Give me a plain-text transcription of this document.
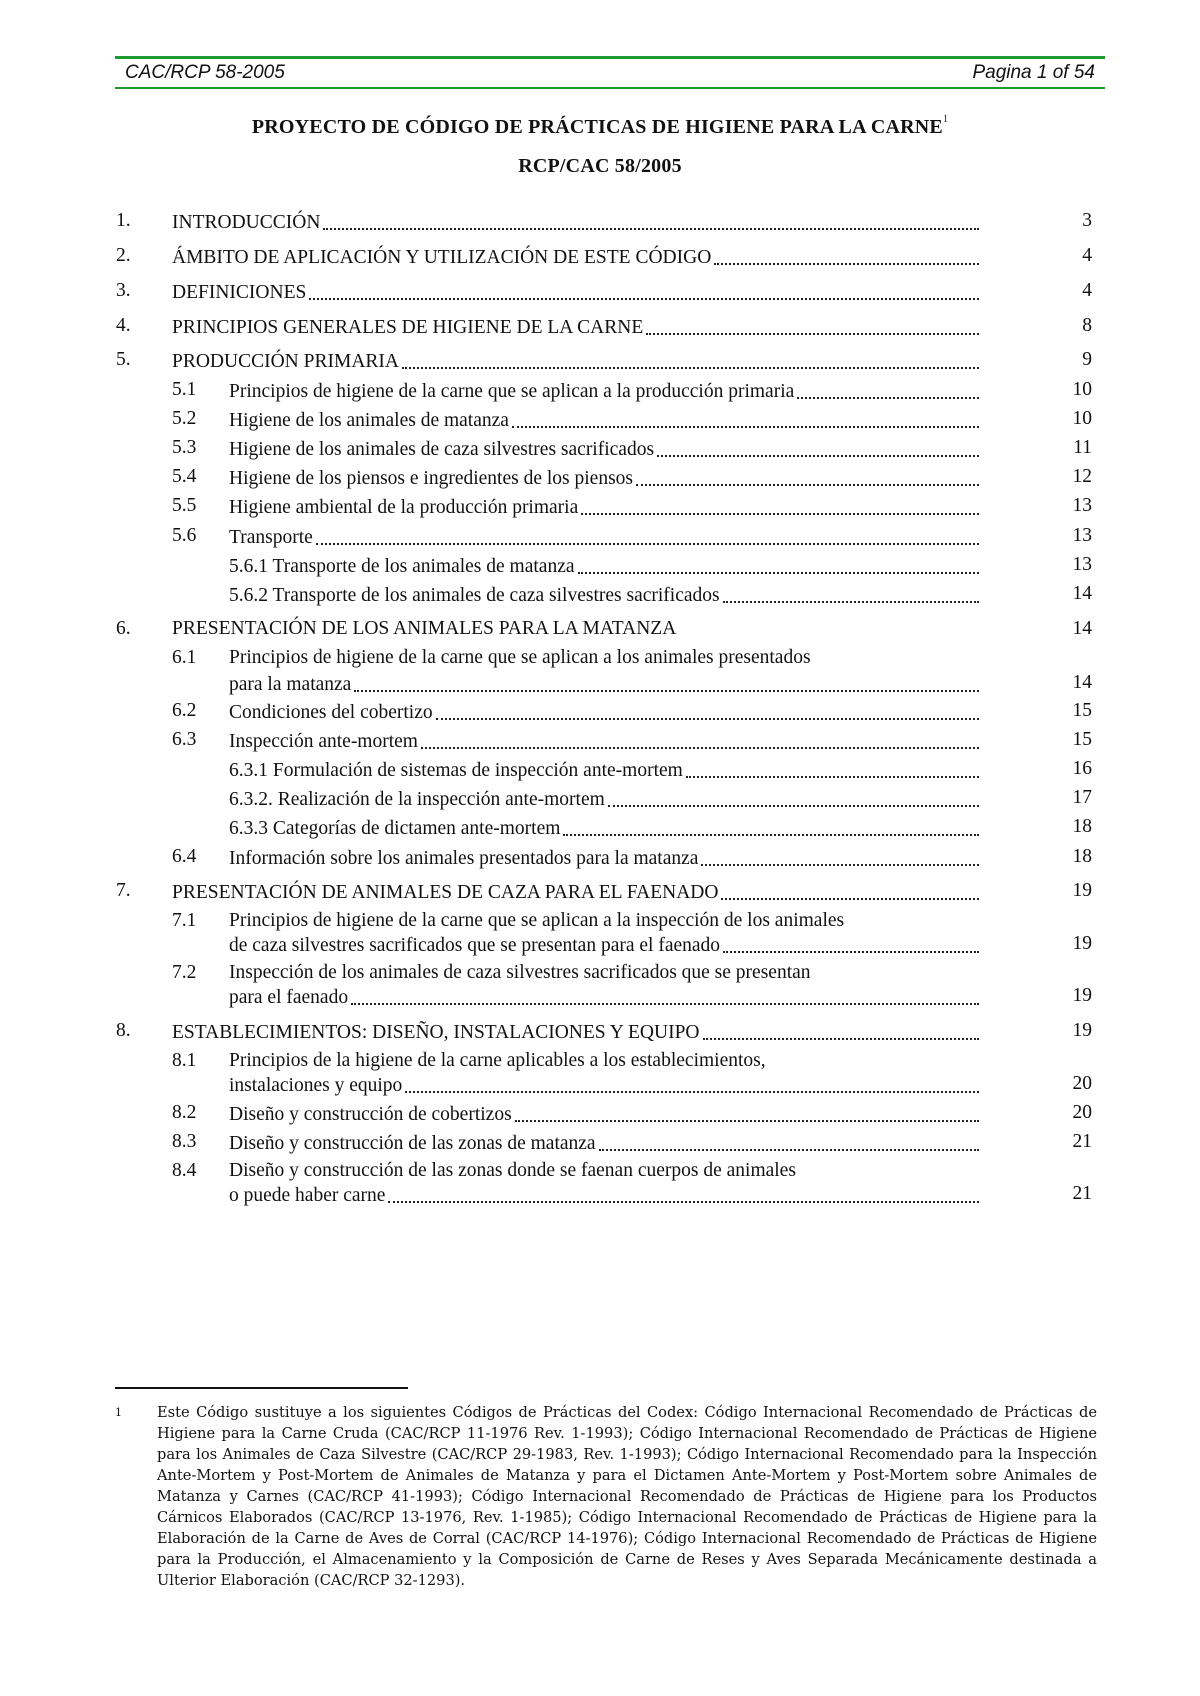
CAC/RCP 58-2005	Pagina 1 of 54
PROYECTO DE CÓDIGO DE PRÁCTICAS DE HIGIENE PARA LA CARNE$^1$
RCP/CAC 58/2005
1. INTRODUCCIÓN	3
2. ÁMBITO DE APLICACIÓN Y UTILIZACIÓN DE ESTE CÓDIGO	4
3. DEFINICIONES	4
4. PRINCIPIOS GENERALES DE HIGIENE DE LA CARNE	8
5. PRODUCCIÓN PRIMARIA	9
5.1 Principios de higiene de la carne que se aplican a la producción primaria	10
5.2 Higiene de los animales de matanza	10
5.3 Higiene de los animales de caza silvestres sacrificados	11
5.4 Higiene de los piensos e ingredientes de los piensos	12
5.5 Higiene ambiental de la producción primaria	13
5.6 Transporte	13
5.6.1 Transporte de los animales de matanza	13
5.6.2 Transporte de los animales de caza silvestres sacrificados	14
6. PRESENTACIÓN DE LOS ANIMALES PARA LA MATANZA	14
6.1 Principios de higiene de la carne que se aplican a los animales presentados
para la matanza	14
6.2 Condiciones del cobertizo	15
6.3 Inspección ante-mortem	15
6.3.1 Formulación de sistemas de inspección ante-mortem	16
6.3.2. Realización de la inspección ante-mortem	17
6.3.3 Categorías de dictamen ante-mortem	18
6.4 Información sobre los animales presentados para la matanza	18
7. PRESENTACIÓN DE ANIMALES DE CAZA PARA EL FAENADO	19
7.1 Principios de higiene de la carne que se aplican a la inspección de los animales
de caza silvestres sacrificados que se presentan para el faenado	19
7.2 Inspección de los animales de caza silvestres sacrificados que se presentan
para el faenado	19
8. ESTABLECIMIENTOS: DISEÑO, INSTALACIONES Y EQUIPO	19
8.1 Principios de la higiene de la carne aplicables a los establecimientos,
instalaciones y equipo	20
8.2 Diseño y construcción de cobertizos	20
8.3 Diseño y construcción de las zonas de matanza	21
8.4 Diseño y construcción de las zonas donde se faenan cuerpos de animales
o puede haber carne	21
1 Este Código sustituye a los siguientes Códigos de Prácticas del Codex: Código Internacional Recomendado de Prácticas de Higiene para la Carne Cruda (CAC/RCP 11-1976 Rev. 1-1993); Código Internacional Recomendado de Prácticas de Higiene para los Animales de Caza Silvestre (CAC/RCP 29-1983, Rev. 1-1993); Código Internacional Recomendado para la Inspección Ante-Mortem y Post-Mortem de Animales de Matanza y para el Dictamen Ante-Mortem y Post-Mortem sobre Animales de Matanza y Carnes (CAC/RCP 41-1993); Código Internacional Recomendado de Prácticas de Higiene para los Productos Cárnicos Elaborados (CAC/RCP 13-1976, Rev. 1-1985); Código Internacional Recomendado de Prácticas de Higiene para la Elaboración de la Carne de Aves de Corral (CAC/RCP 14-1976); Código Internacional Recomendado de Prácticas de Higiene para la Producción, el Almacenamiento y la Composición de Carne de Reses y Aves Separada Mecánicamente destinada a Ulterior Elaboración (CAC/RCP 32-1293).
